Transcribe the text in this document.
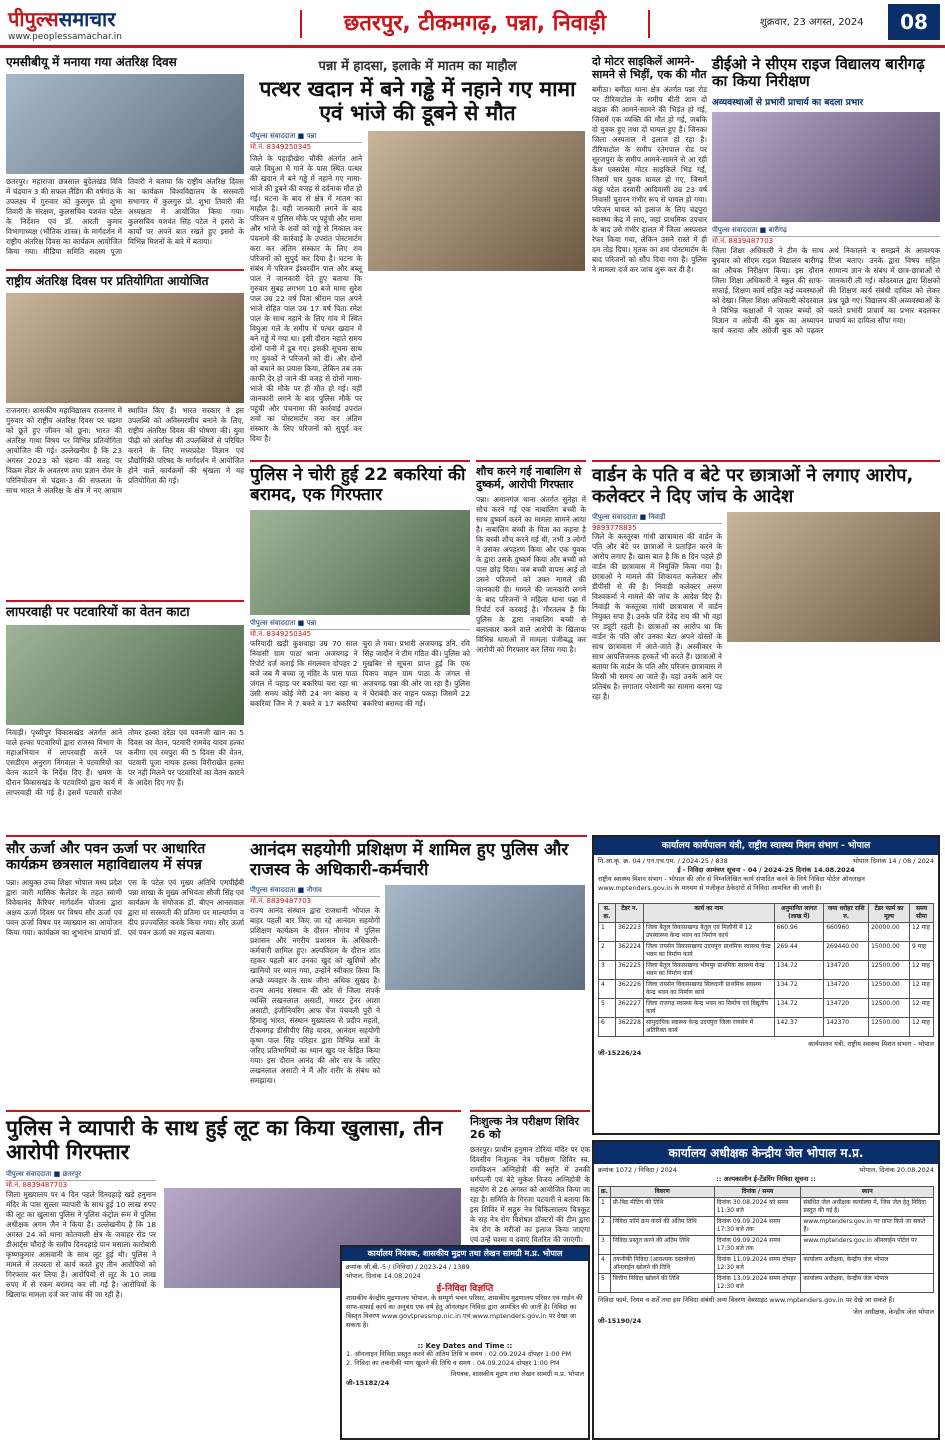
पीपुल्ससमाचार
www.peoplessamachar.in
छतरपुर, टीकमगढ़, पन्ना, निवाड़ी	शुक्रवार, 23 अगस्त, 2024	08
एमसीबीयू में मनाया गया अंतरिक्ष दिवस
छतरपुर। महाराजा छत्रसाल बुंदेलखंड विवि में चंद्रयान 3 की सफल लैंडिंग की वर्षगांठ के उपलक्ष्य में गुरुवार को कुलगुरु प्रो शुभा तिवारी के संरक्षण, कुलसचिव यशवंत पटेल के निर्देशन एवं डॉ. आरती कुमार विभागाध्यक्ष (भौतिक शास्त्र) के मार्गदर्शन में राष्ट्रीय अंतरिक्ष दिवस का कार्यक्रम आयोजित किया गया। मीडिया समिति सदस्य पूजा तिवारी ने बताया कि राष्ट्रीय अंतरिक्ष दिवस का कार्यक्रम विश्वविद्यालय के सरस्वती सभागार में कुलगुरु प्रो. शुभा तिवारी की अध्यक्षता में आयोजित किया गया। कुलसचिव यशवंत सिंह पटेल ने इसरो के कार्यों पर अपने बात रखते हुए इसरो के विभिन्न मिशनों के बारे में बताया।
राष्ट्रीय अंतरिक्ष दिवस पर प्रतियोगिता आयोजित
राजनगर। शासकीय महाविद्यालय राजनगर में गुरुवार को राष्ट्रीय अंतरिक्ष दिवस पर चंद्रमा को छूते हुए जीवन को छूना: भारत की अंतरिक्ष गाथा विषय पर विभिन्न प्रतियोगिता आयोजित की गई। उल्लेखनीय है कि 23 अगस्त 2023 को चंद्रमा की सतह पर विक्रम लेंडर के अवतरण तथा प्रज्ञान रोवर के परिनियोजन से चंद्रमा-3 की सफलता के साथ भारत ने अंतरिक्ष के क्षेत्र में नए आयाम स्थापित किए हैं। भारत सरकार ने इस उपलब्धि को अविस्मरणीय बनाने के लिए, राष्ट्रीय अंतरिक्ष दिवस की घोषणा की। युवा पीढ़ी को अंतरिक्ष की उपलब्धियों से परिचित कराने के लिए मध्यप्रदेश विज्ञान एवं प्रौद्योगिकी परिषद के मार्गदर्शन में आयोजित होने वाले कार्यक्रमों की श्रृंखला में यह प्रतियोगिता की गई।
लापरवाही पर पटवारियों का वेतन काटा
निवाड़ी। पृथ्वीपुर विकासखंड अंतर्गत आने वाले हल्का पटवारियों द्वारा राजस्व विभाग के महाअभियान में लापरवाही करने पर एसडीएम अनुराग निंगवाल ने पटवारियों का वेतन काटने के निर्देश दिए हैं। भ्रमण के दौरान विकासखंड के पटवारियों द्वारा कार्य में लापरवाही की गई है। इसमें पटवारी राजेश तोमर हल्का दरेठा एवं पवनजी खान का 5 दिवस का वेतन, पटवारी रामवेद यादव हल्का कनीगा एवं रमपुरा की 5 दिवस की वेतन, पटवारी पूजा नायक हल्का विरौराखेत हल्का पर नहीं मिलने पर पटवारियों का वेतन काटने के आदेश दिए गए हैं।
सौर ऊर्जा और पवन ऊर्जा पर आधारित कार्यक्रम छत्रसाल महाविद्यालय में संपन्न
पन्ना। आयुक्त उच्च शिक्षा भोपाल मध्य प्रदेश द्वारा जारी मासिक कैलेंडर के तहत स्वामी विवेकानंद कैरियर मार्गदर्शन योजना द्वारा अक्षय ऊर्जा दिवस पर विषय सौर ऊर्जा एवं पवन ऊर्जा विषय पर व्याख्यान का आयोजन किया गया। कार्यक्रम का शुभारंभ प्राचार्य डॉ. एस के पटेल एवं मुख्य अतिथि एमपीईबी पन्ना शाखा के मुख्य अभियंता सौजी सिंह एवं कार्यक्रम के संयोजक डॉ. बीएन आनसवाल द्वारा मां सरस्वती की प्रतिमा पर माल्यार्पण व दीप प्रज्ज्वलित करके किया गया। सौर ऊर्जा एवं पवन ऊर्जा का महत्त्व बताया।
पुलिस ने व्यापारी के साथ हुई लूट का किया खुलासा, तीन आरोपी गिरफ्तार
पीपुल्स संवाददाता ■ छतरपुर
मो.नं. 8839487703
जिला मुख्यालय पर 4 दिन पहले दिनदहाड़े खड़े हनुमान मंदिर के पास सुल्ला व्यापारी के साथ हुई 10 लाख रुपए की लूट का खुलासा पुलिस ने पुलिस कंट्रोल रूम में पुलिस अधीक्षक अगम जैन ने किया है। उल्लेखनीय है कि 18 अगस्त 24 को थाना कोतवाली क्षेत्र के जवाहर रोड पर डीआर्ट्स चौराहे के समीप दिनदहाड़े पान मसाला कारोबारी कृष्णकुमार आसवानी के साथ लूट हुई थी। पुलिस ने मामले में तत्परता से कार्य करते हुए तीन आरोपियों को गिरफ्तार कर लिया है। आरोपियों से लूट के 10 लाख रुपए में से रकम बरामद कर ली गई है। आरोपियों के खिलाफ मामला दर्ज कर जांच की जा रही है।
पन्ना में हादसा, इलाके में मातम का माहौल
पत्थर खदान में बने गड्ढे में नहाने गए मामा एवं भांजे की डूबने से मौत
पीपुल्स संवाददाता ■ पन्ना
मो.नं. 8349250345
जिले के पहाड़ीखेरा चौकी अंतर्गत आने वाले विघुआ में गाने के पास स्थित पत्थर की खदान में बने गड्ढे में नहाने गए मामा-भांजे की डूबने की वजह से दर्दनाक मौत हो गई। घटना के बाद से क्षेत्र में मातम का माहौल है। वहीं जानकारी लगने के बाद परिजन व पुलिस मौके पर पहुंची और मामा और भांजे के शवों को गड्ढे से निकाल कर पंचनामे की कार्रवाई के उपरांत पोस्टमार्टम करा कर अंतिम संस्कार के लिए शव परिजनों को सुपुर्द कर दिया है। घटना के संबंध में परिजन ईश्वरदीन पाल और बब्लू पाल ने जानकारी देते हुए बताया कि गुरुवार सुबह लगभग 10 बजे मामा सुरेश पाल उम्र 22 वर्ष पिता श्रीराम पाल अपने भांजे रोहित पाल उम्र 17 वर्ष पिता रमेश पाल के साथ नहाने के लिए गांव में स्थित विघुआ गले के समीप में पत्थर खदान में बने गड्ढे में गया था। इसी दौरान नहाते समय दोनों पानी में डूब गए। इसकी सूचना साथ गए युवकों ने परिजनों को दी। और दोनों को बचाने का प्रयास किया, लेकिन तब तक काफी देर हो जाने की वजह से दोनों मामा-भांजे की मौके पर ही मौत हो गई। वहीं जानकारी लगने के बाद पुलिस मौके पर पहुंची और पंचनामा की कार्रवाई उपरांत शवों का पोस्टमार्टम करा कर अंतिम संस्कार के लिए परिजनों को सुपुर्द कर दिया है।
पुलिस ने चोरी हुई 22 बकरियां की बरामद, एक गिरफ्तार
पीपुल्स संवाददाता ■ पन्ना
मो.नं. 8349250345
फरियादी खड़ी कुशवाहा उम्र 70 साल निवासी ग्राम पाठा थाना अजयगढ़ ने रिपोर्ट दर्ज कराई कि मंगलवार दोपहर 2 बजे जब मैं बच्चा जू मंदिर के पास पाठा जंगल में पहाड़ पर बकरियां चरा रहा था उसी समय कोई मेरी 24 नग बकरा व बकरियां जिन में 7 बकरे व 17 बकरियां चुरा ले गया। प्रभारी अजयगढ़ उनि. रवि सिंह जादौन ने टीम गठित की। पुलिस को मुखबिर से सूचना प्राप्त हुई कि एक पिकप वाहन ग्राम पाठा के जंगल से अजयगढ़ पन्ना की ओर जा रहा है। पुलिस ने घेराबंदी कर वाहन पकड़ा जिसमें 22 बकरियां बरामद की गईं।
शौच करने गई नाबालिग से दुष्कर्म, आरोपी गिरफ्तार
पन्ना। अमानगंज थाना अंतर्गत सुनेहा में सौच करने गई एक नाबालिग बच्ची के साथ दुष्कर्म करने का मामला सामने आया है। नाबालिग बच्ची के पिता का कहना है कि बच्ची शौच करने गई थी, तभी 3 लोगों ने उसका अपहरण किया और एक युवक के द्वारा उसके दुष्कर्म किया और बच्ची को पास छोड़ दिया। जब बच्ची वापस आई तो उसने परिजनों को उक्त मामले की जानकारी दी। मामले की जानकारी लगने के बाद परिजनों ने महिला थाना पन्ना में रिपोर्ट दर्ज करवाई है। गौरतलब है कि पुलिस के द्वारा नाबालिग बच्ची से बलात्कार करने वाले आरोपी के खिलाफ विभिन्न धाराओं में मामला पंजीबद्ध कर आरोपी को गिरफ्तार कर लिया गया है।
आनंदम सहयोगी प्रशिक्षण में शामिल हुए पुलिस और राजस्व के अधिकारी-कर्मचारी
पीपुल्स संवाददाता ■ नौगांव
मो.नं. 8839487703
राज्य आनंद संस्थान द्वारा राजधानी भोपाल के बाहर पहली बार किए जा रहे आनंदम सहयोगी प्रशिक्षण कार्यक्रम के दौरान नौगांव में पुलिस प्रशासन और नगरीय प्रशासन के अधिकारी-कर्मचारी शामिल हुए। अल्पविराम के दौरान शांत रहकर पहली बार उनका खुद को खुशियों और खामियों पर ध्यान गया, उन्होंने स्वीकार किया कि अच्छे व्यवहार के साथ जीना अधिक सुखद है। राज्य आनंद संस्थान की ओर से जिला संपर्क व्यक्ति लखनलाल असाटी, मास्टर ट्रेनर आशा असाटी, इंजीनियरिंग आफ चेंज पंचवली पुरी ने हिमांशु भारत, संस्थान मुख्यालय से प्रदीप महतो, टीकमगढ़ डीसीपीए सिंह यादव, आनंदम सहयोगी कृष्ण पाल सिंह परिहार द्वारा विभिन्न सत्रों के जरिए प्रतिभागियों का ध्यान खुद पर केंद्रित किया गया। इस दौरान आनंद की ओर सत्र के जरिए लखनलाल असाटी ने मैं और शरीर के संबंध को समझाया।
निःशुल्क नेत्र परीक्षण शिविर 26 को
छतरपुर। प्राचीन हनुमान टोरिया मंदिर पर एक दिवसीय निःशुल्क नेत्र परीक्षण शिविर स्व. रामकिशन अग्निहोत्री की स्मृति में उनकी धर्मपत्नी एवं बेटे मुकेश विजय अग्निहोत्री के सहयोग से 26 अगस्त को आयोजित किया जा रहा है। समिति के गिरजा पटवारी ने बताया कि इस शिविर में सद्गुरु नेत्र चिकित्सालय चित्रकूट के सह नेत्र रोग विशेषज्ञ डॉक्टरों की टीम द्वारा नेत्र रोग के मरीजों का इलाज किया जाएगा एवं उन्हें चश्मा व दवाएं वितरित की जाएंगी।
कार्यालय नियंत्रक, शासकीय मुद्रण तथा लेखन सामग्री म.प्र. भोपाल
क्रमांक जी.बी.-5 / (निविदा) / 2023-24 / 1389
भोपाल, दिनांक 14.08.2024
ई-निविदा विज्ञप्ति
शासकीय केन्द्रीय मुद्रणालय भोपाल, के सम्पूर्ण भवन परिसर, शासकीय मुद्रणालय परिसर एवं गार्डन की साफ-सफाई कार्य का अनुबंध एक वर्ष हेतु ऑनलाइन निविदा द्वारा आमंत्रित की जाती है। निविदा का विस्तृत विवरण www.govtpressmp.nic.in एवं www.mptenders.gov.in पर देखा जा सकता है।
:: Key Dates and Time ::
1. ऑनलाइन निविदा प्रस्तुत करने की अंतिम तिथि व समय : 02.09.2024 दोपहर 1:00 PM
2. निविदा का तकनीकी भाग खुलने की तिथि व समय : 04.09.2024 दोपहर 1:00 PM
नियंत्रक, शासकीय मुद्रण तथा लेखन सामग्री म.प्र. भोपाल
जी-15182/24
दो मोटर साइकिलें आमने-सामने से भिड़ीं, एक की मौत
बमीठा। बमीठा थाना क्षेत्र अंतर्गत पन्ना रोड पर टीरियाटोल के समीप बीती शाम दो बाइक की आमने-सामने की भिड़ंत हो गई, जिसमें एक व्यक्ति की मौत हो गई, जबकि दो युवक हुए तथा दो घायल हुए हैं। जिनका जिला अस्पताल में इलाज हो रहा है। टीरियाटोल के समीप रतेगपाल रोड पर सूरजपुरा के समीप आमने-सामने से आ रही केश एक्सप्रेस मोटर साइकिलें भिड़ गईं, जिसमें चार युवक घायल हो गए, जिसमें कंछु पटेल दरवारी आदिवासी उम्र 23 वर्ष निवासी चुरारन गंभीर रूप से घायल हो गया। परिजन घायल को इलाज के लिए चंद्रपुरा स्वास्थ्य केंद्र में लाए, जहां प्राथमिक उपचार के बाद उसे गंभीर हालत में जिला अस्पताल रेफर किया गया, लेकिन उसने रास्ते में ही दम तोड़ दिया। मृतक का शव पोस्टमार्टम के बाद परिजनों को सौंप दिया गया है। पुलिस ने मामला दर्ज कर जांच शुरू कर दी है।
डीईओ ने सीएम राइज विद्यालय बारीगढ़ का किया निरीक्षण
अव्यवस्थाओं से प्रभारी प्राचार्य का बदला प्रभार
पीपुल्स संवाददाता ■ बारीगढ़
मो.नं. 8839487703
जिला शिक्षा अधिकारी ने टीम के साथ बुधवार को सीएम राइज विद्यालय बारीगढ़ का औचक निरीक्षण किया। इस दौरान जिला शिक्षा अधिकारी ने स्कूल की साफ-सफाई, शिक्षण कार्य सहित कई व्यवस्थाओं को देखा। जिला शिक्षा अधिकारी कोदरवाल ने विभिन्न कक्षाओं में जाकर बच्चों को विज्ञान व अंग्रेजी की बुक का अध्यापन कार्य कराया और अंग्रेजी बुक को पढ़कर अर्थ निकालने व समझने के आवश्यक टिप्स बताए। उनके द्वारा विषय सहित सामान्य ज्ञान के संबंध में छात्र-छात्राओं से जानकारी ली गई। कोदरवाल द्वारा शिक्षकों की शिक्षण कार्य संबंधी दायित्व को लेकर प्रश्न पूछे गए। विद्यालय की अव्यवस्थाओं के चलते प्रभारी प्राचार्य का प्रभार बदलकर प्राचार्य का दायित्व सौंपा गया।
वार्डन के पति व बेटे पर छात्राओं ने लगाए आरोप, कलेक्टर ने दिए जांच के आदेश
पीपुल्स संवाददाता ■ निवाड़ी
9893778835
जिले के कस्तूरबा गांधी छात्रावास की वार्डन के पति और बेटे पर छात्राओं ने प्रताड़ित करने के आरोप लगाए हैं। खास बात है कि 8 दिन पहले ही वार्डन की छात्रावास में नियुक्ति किया गया है। छात्राओं ने मामले की शिकायत कलेक्टर और डीपीसी से की है। निवाड़ी कलेक्टर अरुण विश्वकर्मा ने मामले की जांच के आदेश दिए हैं। निवाड़ी के कस्तूरबा गांधी छात्रावास में वार्डन नियुक्त सपा हैं। उनके पति देवेंद्र राय की भी वहां पर ड्यूटी रहती है। छात्राओं का आरोप था कि वार्डन के पति और उनका बेटा अपने दोस्तों के साथ छात्रावास में आते-जाते हैं। अस्वीकार के साथ आपत्तिजनक हरकतें भी करते हैं। छात्राओं ने बताया कि वार्डन के पति और परिजन छात्रावास में किसी भी समय आ जाते हैं। यहां उनके आने पर प्रतिबंध है। लगातार परेशानी का सामना करना पड़ रहा है।
कार्यालय कार्यपालन यंत्री, राष्ट्रीय स्वास्थ्य मिशन संभाग - भोपाल
नि.आ.कृ. क्र. 04 / एन.एच.एम. / 2024-25 / 838	भोपाल दिनांक 14 / 08 / 2024
ई - निविदा आमंत्रण सूचना - 04 / 2024-25 दिनांक 14.08.2024
राष्ट्रीय स्वास्थ्य मिशन संभाग - भोपाल की ओर से निम्नलिखित कार्य संपादित करने के लिये निविदा पोर्टल ऑनलाइन www.mptenders.gov.in के माध्यम से पंजीकृत ठेकेदारों से निविदा आमंत्रित की जाती है।
स. क्र.	टेंडर न.	कार्य का नाम	अनुमानित लागत (लाख में)	जमा धरोहर राशि रु.	टेंडर फार्म का मूल्य	समय सीमा
1	362223	जिला बैतूल विकासखण्ड बैतूल एवं मिलौनी में 12 उपस्वास्थ्य केन्द्र भवन का निर्माण कार्य	660.96	660960	20000.00	12 माह
2	362224	जिला रायसेन विकासखण्ड उदयपुरा प्राथमिक स्वास्थ्य केन्द्र भवन का निर्माण कार्य	269.44	269440.00	15000.00	9 माह
3	362225	जिला बैतूल विकासखण्ड भीमपुर प्राथमिक स्वास्थ्य केन्द्र भवन का निर्माण कार्य	134.72	134720	12500.00	12 माह
4	362226	जिला रायसेन विकासखण्ड सिलवानी प्राथमिक स्वास्थ्य केन्द्र भवन का निर्माण कार्य	134.72	134720	12500.00	12 माह
5	362227	जिला राजगढ़ स्वास्थ्य केन्द्र भवन का निर्माण एवं विद्युतीय कार्य	134.72	134720	12500.00	12 माह
6	362228	सामुदायिक स्वास्थ्य केन्द्र उदयपुरा जिला रायसेन में अतिरिक्त कार्य	142.37	142370	12500.00	12 माह
कार्यपालन यंत्री, राष्ट्रीय स्वास्थ्य मिशन संभाग - भोपाल
जी-15226/24
कार्यालय अधीक्षक केन्द्रीय जेल भोपाल म.प्र.
क्रमांक 1072 / निविदा / 2024	भोपाल, दिनांक 20.08.2024
:: अल्पकालीन ई-टेंडरिंग निविदा सूचना ::
क्र.	विवरण	दिनांक / समय	स्थान
1	प्री-बिड मीटिंग की तिथि	दिनांक 30.08.2024 को समय 11:30 बजे	संबंधित जेल अधीक्षक कार्यालय में, जिस जेल हेतु निविदा प्रस्तुत की गई है।
2	निविदा फॉर्म क्रय करने की अंतिम तिथि	दिनांक 09.09.2024 समय 17:30 बजे तक	www.mptenders.gov.in पर प्राप्त किये जा सकते हैं।
3	निविदा प्रस्तुत करने की अंतिम तिथि	दिनांक 09.09.2024 समय 17:30 बजे तक	www.mptenders.gov.in ऑनलाईन पोर्टल पर
4	तकनीकी निविदा (आवश्यक दस्तावेज) ऑनलाईन खोलने की तिथि	दिनांक 11.09.2024 समय दोपहर 12:30 बजे	कार्यालय अधीक्षक, केन्द्रीय जेल भोपाल
5	वित्तीय निविदा खोलने की तिथि	दिनांक 13.09.2024 समय दोपहर 12:30 बजे	कार्यालय अधीक्षक, केन्द्रीय जेल भोपाल
निविदा फार्म, नियम व शर्तें तथा इस निविदा संबंधी अन्य विवरण वेबसाइट www.mptenders.gov.in पर देखे जा सकते हैं।
जेल अधीक्षक, केन्द्रीय जेल भोपाल
जी-15190/24
